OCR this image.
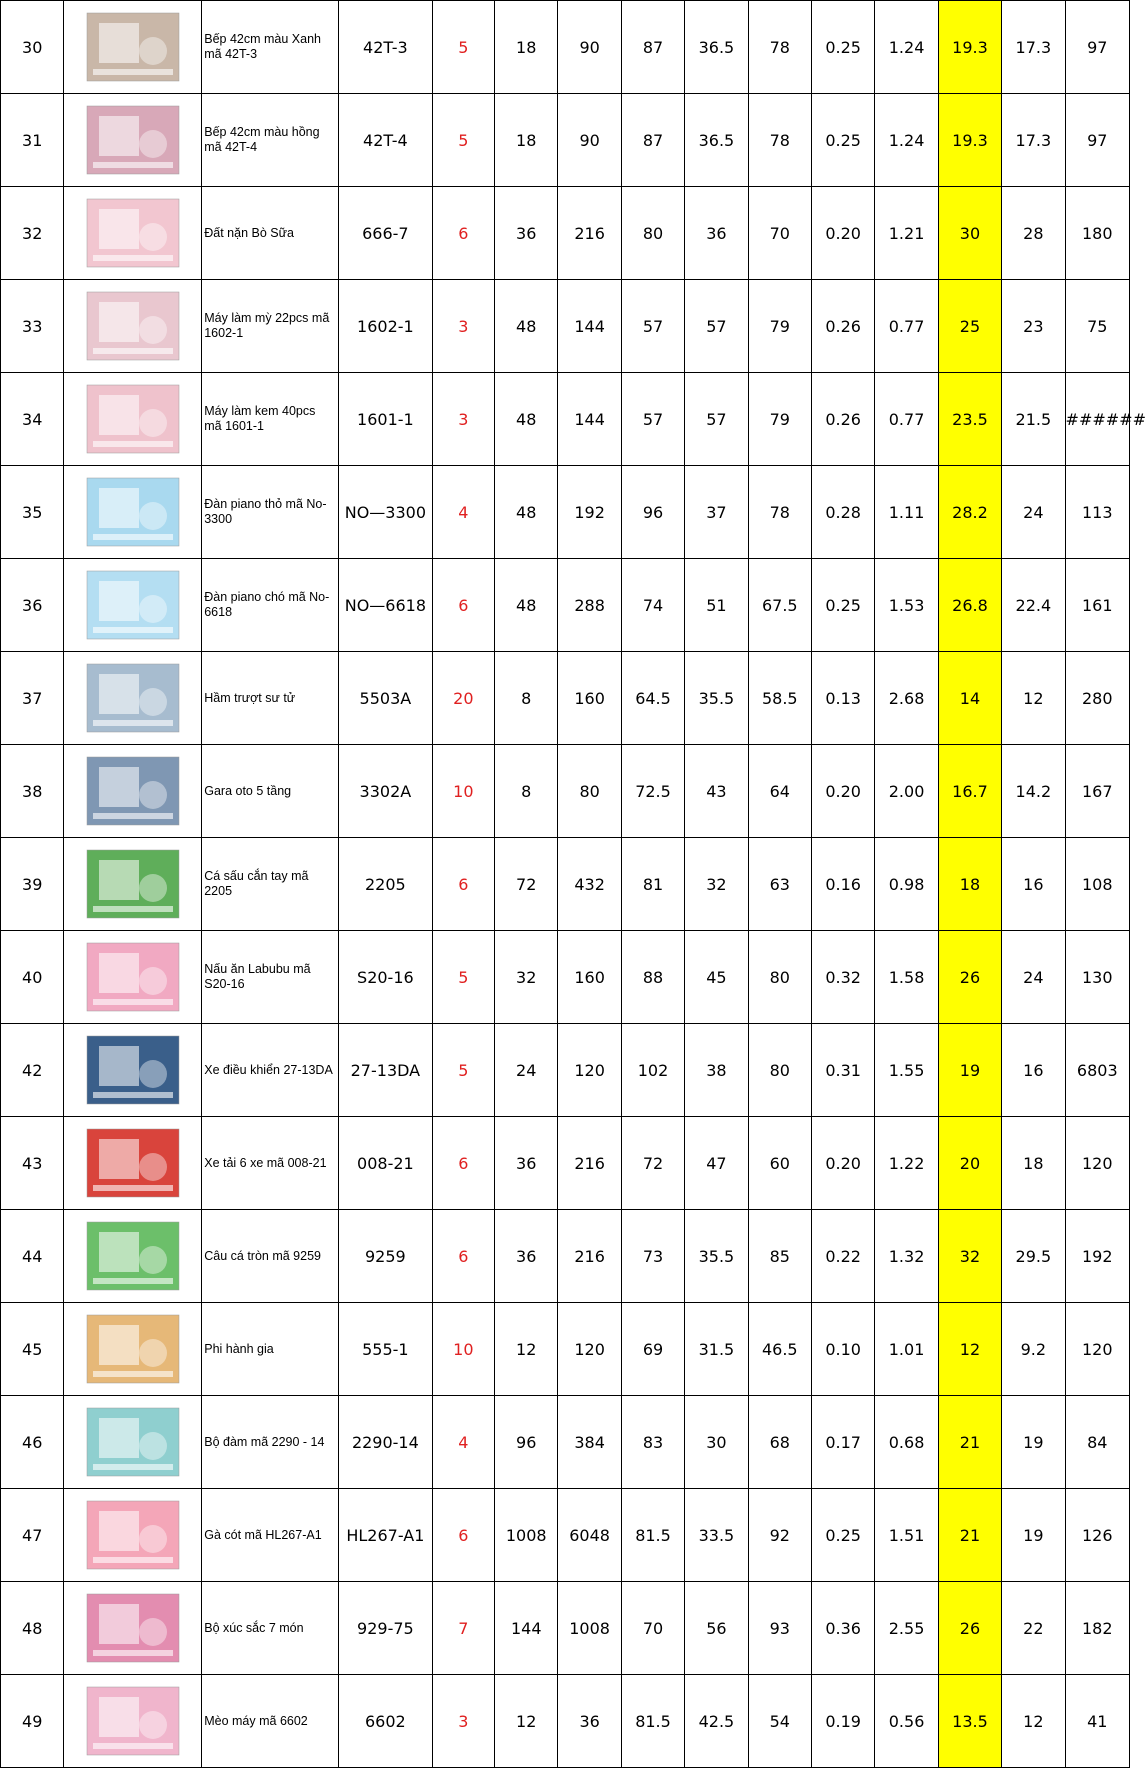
30		Bếp 42cm màu Xanh mã 42T-3	42T-3	5	18	90	87	36.5	78	0.25	1.24	19.3	17.3	97
31		Bếp 42cm màu hồng mã 42T-4	42T-4	5	18	90	87	36.5	78	0.25	1.24	19.3	17.3	97
32		Đất nặn Bò Sữa	666-7	6	36	216	80	36	70	0.20	1.21	30	28	180
33		Máy làm mỳ 22pcs mã 1602-1	1602-1	3	48	144	57	57	79	0.26	0.77	25	23	75
34		Máy làm kem 40pcs mã 1601-1	1601-1	3	48	144	57	57	79	0.26	0.77	23.5	21.5	######
35		Đàn piano thỏ mã No-3300	NO—3300	4	48	192	96	37	78	0.28	1.11	28.2	24	113
36		Đàn piano chó mã No-6618	NO—6618	6	48	288	74	51	67.5	0.25	1.53	26.8	22.4	161
37		Hầm trượt sư tử	5503A	20	8	160	64.5	35.5	58.5	0.13	2.68	14	12	280
38		Gara oto 5 tầng	3302A	10	8	80	72.5	43	64	0.20	2.00	16.7	14.2	167
39		Cá sấu cắn tay mã 2205	2205	6	72	432	81	32	63	0.16	0.98	18	16	108
40		Nấu ăn Labubu mã S20-16	S20-16	5	32	160	88	45	80	0.32	1.58	26	24	130
42		Xe điều khiển 27-13DA	27-13DA	5	24	120	102	38	80	0.31	1.55	19	16	6803
43		Xe tải 6 xe mã 008-21	008-21	6	36	216	72	47	60	0.20	1.22	20	18	120
44		Câu cá tròn mã 9259	9259	6	36	216	73	35.5	85	0.22	1.32	32	29.5	192
45		Phi hành gia	555-1	10	12	120	69	31.5	46.5	0.10	1.01	12	9.2	120
46		Bộ đàm mã 2290 - 14	2290-14	4	96	384	83	30	68	0.17	0.68	21	19	84
47		Gà cót mã HL267-A1	HL267-A1	6	1008	6048	81.5	33.5	92	0.25	1.51	21	19	126
48		Bộ xúc sắc 7 món	929-75	7	144	1008	70	56	93	0.36	2.55	26	22	182
49		Mèo máy mã 6602	6602	3	12	36	81.5	42.5	54	0.19	0.56	13.5	12	41
